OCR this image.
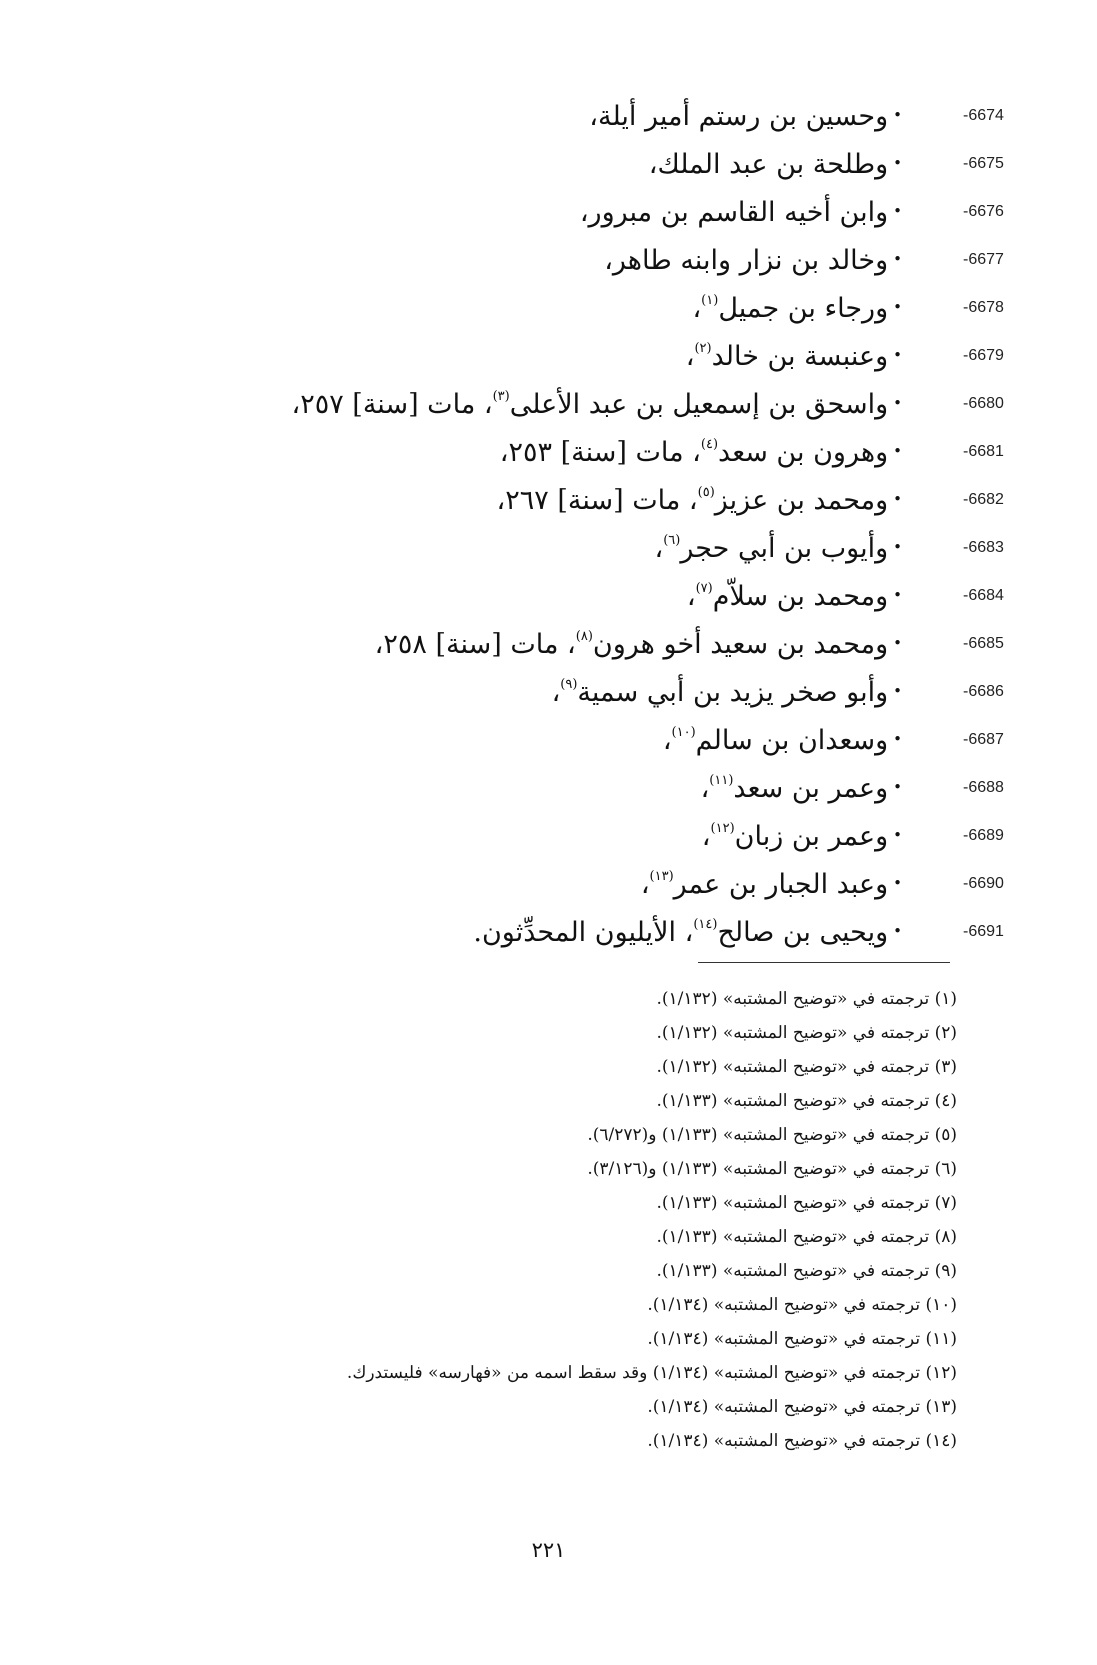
-6674
•وحسين بن رستم أمير أيلة،
-6675
•وطلحة بن عبد الملك،
-6676
•وابن أخيه القاسم بن مبرور،
-6677
•وخالد بن نزار وابنه طاهر،
-6678
•ورجاء بن جميل$^{(١)}$،
-6679
•وعنبسة بن خالد$^{(٢)}$،
-6680
•واسحق بن إسمعيل بن عبد الأعلى$^{(٣)}$، مات [سنة] ٢٥٧،
-6681
•وهرون بن سعد$^{(٤)}$، مات [سنة] ٢٥٣،
-6682
•ومحمد بن عزيز$^{(٥)}$، مات [سنة] ٢٦٧،
-6683
•وأيوب بن أبي حجر$^{(٦)}$،
-6684
•ومحمد بن سلاّم$^{(٧)}$،
-6685
•ومحمد بن سعيد أخو هرون$^{(٨)}$، مات [سنة] ٢٥٨،
-6686
•وأبو صخر يزيد بن أبي سمية$^{(٩)}$،
-6687
•وسعدان بن سالم$^{(١٠)}$،
-6688
•وعمر بن سعد$^{(١١)}$،
-6689
•وعمر بن زبان$^{(١٢)}$،
-6690
•وعبد الجبار بن عمر$^{(١٣)}$،
-6691
•ويحيى بن صالح$^{(١٤)}$، الأيليون المحدِّثون.
(١) ترجمته في «توضيح المشتبه» (١/١٣٢).
(٢) ترجمته في «توضيح المشتبه» (١/١٣٢).
(٣) ترجمته في «توضيح المشتبه» (١/١٣٢).
(٤) ترجمته في «توضيح المشتبه» (١/١٣٣).
(٥) ترجمته في «توضيح المشتبه» (١/١٣٣) و(٦/٢٧٢).
(٦) ترجمته في «توضيح المشتبه» (١/١٣٣) و(٣/١٢٦).
(٧) ترجمته في «توضيح المشتبه» (١/١٣٣).
(٨) ترجمته في «توضيح المشتبه» (١/١٣٣).
(٩) ترجمته في «توضيح المشتبه» (١/١٣٣).
(١٠) ترجمته في «توضيح المشتبه» (١/١٣٤).
(١١) ترجمته في «توضيح المشتبه» (١/١٣٤).
(١٢) ترجمته في «توضيح المشتبه» (١/١٣٤) وقد سقط اسمه من «فهارسه» فليستدرك.
(١٣) ترجمته في «توضيح المشتبه» (١/١٣٤).
(١٤) ترجمته في «توضيح المشتبه» (١/١٣٤).
٢٢١
